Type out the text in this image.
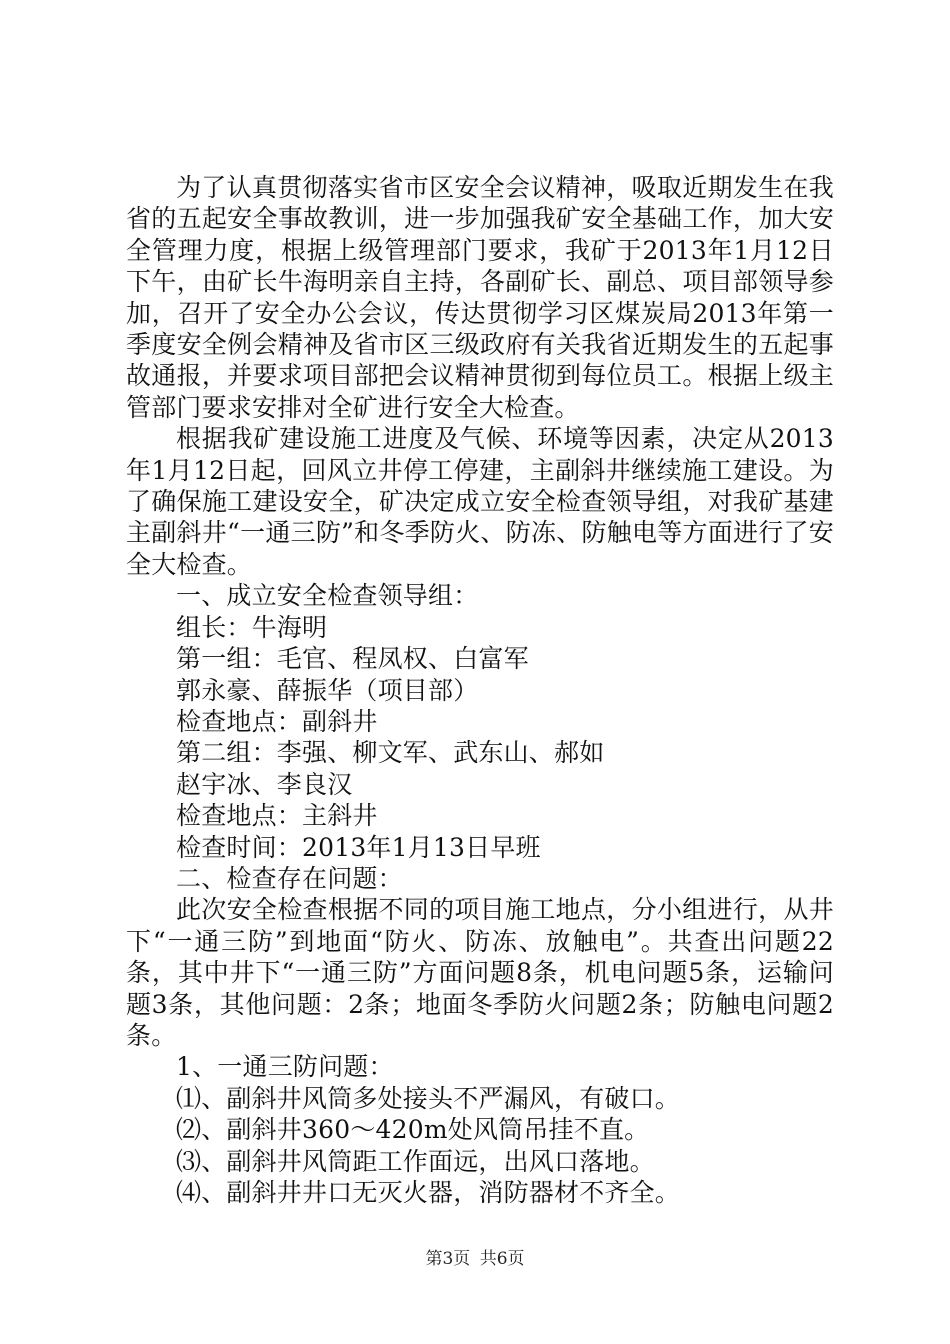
为了认真贯彻落实省市区安全会议精神，吸取近期发生在我省的五起安全事故教训，进一步加强我矿安全基础工作，加大安全管理力度，根据上级管理部门要求，我矿于2013年1月12日下午，由矿长牛海明亲自主持，各副矿长、副总、项目部领导参加，召开了安全办公会议，传达贯彻学习区煤炭局2013年第一季度安全例会精神及省市区三级政府有关我省近期发生的五起事故通报，并要求项目部把会议精神贯彻到每位员工。根据上级主管部门要求安排对全矿进行安全大检查。

根据我矿建设施工进度及气候、环境等因素，决定从2013年1月12日起，回风立井停工停建，主副斜井继续施工建设。为了确保施工建设安全，矿决定成立安全检查领导组，对我矿基建主副斜井“一通三防”和冬季防火、防冻、防触电等方面进行了安全大检查。

一、成立安全检查领导组：

组长：牛海明

第一组：毛官、程凤权、白富军

郭永豪、薛振华（项目部）

检查地点：副斜井

第二组：李强、柳文军、武东山、郝如

赵宇冰、李良汉

检查地点：主斜井

检查时间：2013年1月13日早班

二、检查存在问题：

此次安全检查根据不同的项目施工地点，分小组进行，从井下“一通三防”到地面“防火、防冻、放触电”。共查出问题22条，其中井下“一通三防”方面问题8条，机电问题5条，运输问题3条，其他问题：2条；地面冬季防火问题2条；防触电问题2条。

1、一通三防问题：

⑴、副斜井风筒多处接头不严漏风，有破口。

⑵、副斜井360～420m处风筒吊挂不直。

⑶、副斜井风筒距工作面远，出风口落地。

⑷、副斜井井口无灭火器，消防器材不齐全。

第3页 共6页
